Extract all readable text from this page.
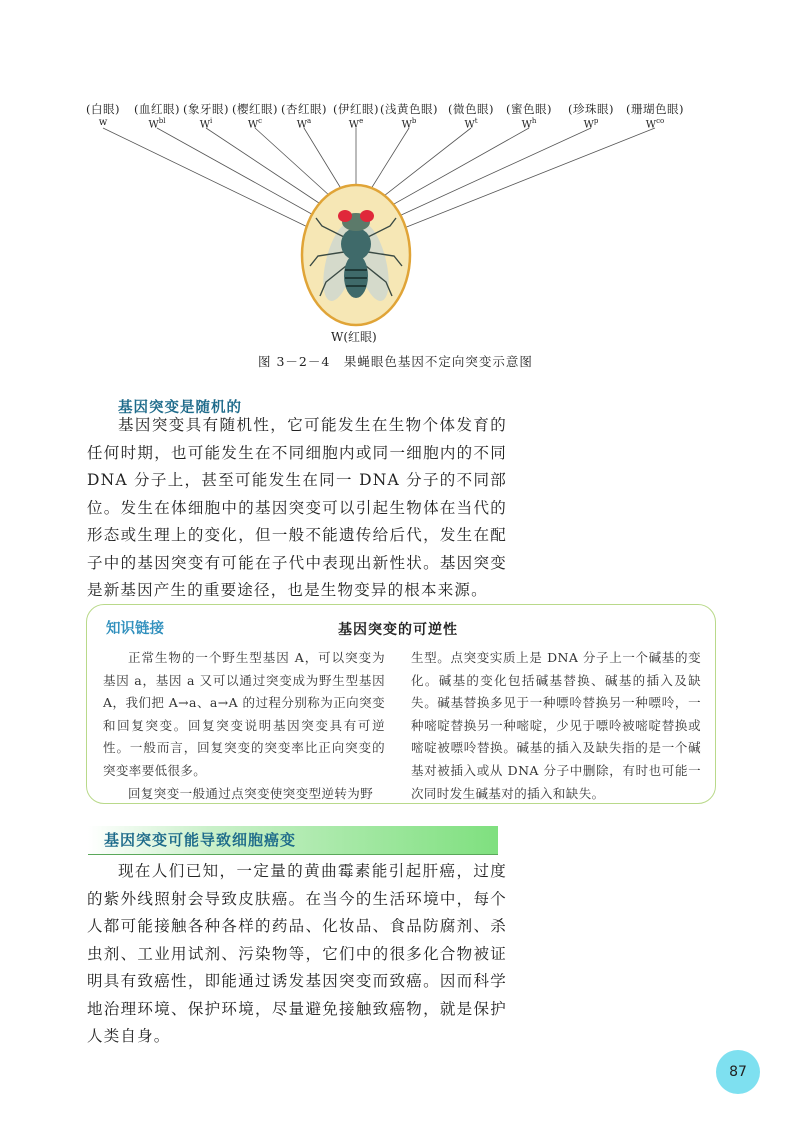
(白眼)
w
(血红眼)
$W^{bl}$
(象牙眼)
$W^i$
(樱红眼)
$W^c$
(杏红眼)
$W^a$
(伊红眼)
$W^e$
(浅黄色眼)
$W^b$
(微色眼)
$W^t$
(蜜色眼)
$W^h$
(珍珠眼)
$W^p$
(珊瑚色眼)
$W^{co}$
W(红眼)
图 3－2－4　果蝇眼色基因不定向突变示意图
基因突变是随机的

基因突变具有随机性，它可能发生在生物个体发育的任何时期，也可能发生在不同细胞内或同一细胞内的不同 DNA 分子上，甚至可能发生在同一 DNA 分子的不同部位。发生在体细胞中的基因突变可以引起生物体在当代的形态或生理上的变化，但一般不能遗传给后代，发生在配子中的基因突变有可能在子代中表现出新性状。基因突变是新基因产生的重要途径，也是生物变异的根本来源。

知识链接	基因突变的可逆性

正常生物的一个野生型基因 A，可以突变为基因 a，基因 a 又可以通过突变成为野生型基因 A，我们把 A→a、a→A 的过程分别称为正向突变和回复突变。回复突变说明基因突变具有可逆性。一般而言，回复突变的突变率比正向突变的突变率要低很多。

回复突变一般通过点突变使突变型逆转为野

生型。点突变实质上是 DNA 分子上一个碱基的变化。碱基的变化包括碱基替换、碱基的插入及缺失。碱基替换多见于一种嘌呤替换另一种嘌呤，一种嘧啶替换另一种嘧啶，少见于嘌呤被嘧啶替换或嘧啶被嘌呤替换。碱基的插入及缺失指的是一个碱基对被插入或从 DNA 分子中删除，有时也可能一次同时发生碱基对的插入和缺失。

基因突变可能导致细胞癌变

现在人们已知，一定量的黄曲霉素能引起肝癌，过度的紫外线照射会导致皮肤癌。在当今的生活环境中，每个人都可能接触各种各样的药品、化妆品、食品防腐剂、杀虫剂、工业用试剂、污染物等，它们中的很多化合物被证明具有致癌性，即能通过诱发基因突变而致癌。因而科学地治理环境、保护环境，尽量避免接触致癌物，就是保护人类自身。

87
